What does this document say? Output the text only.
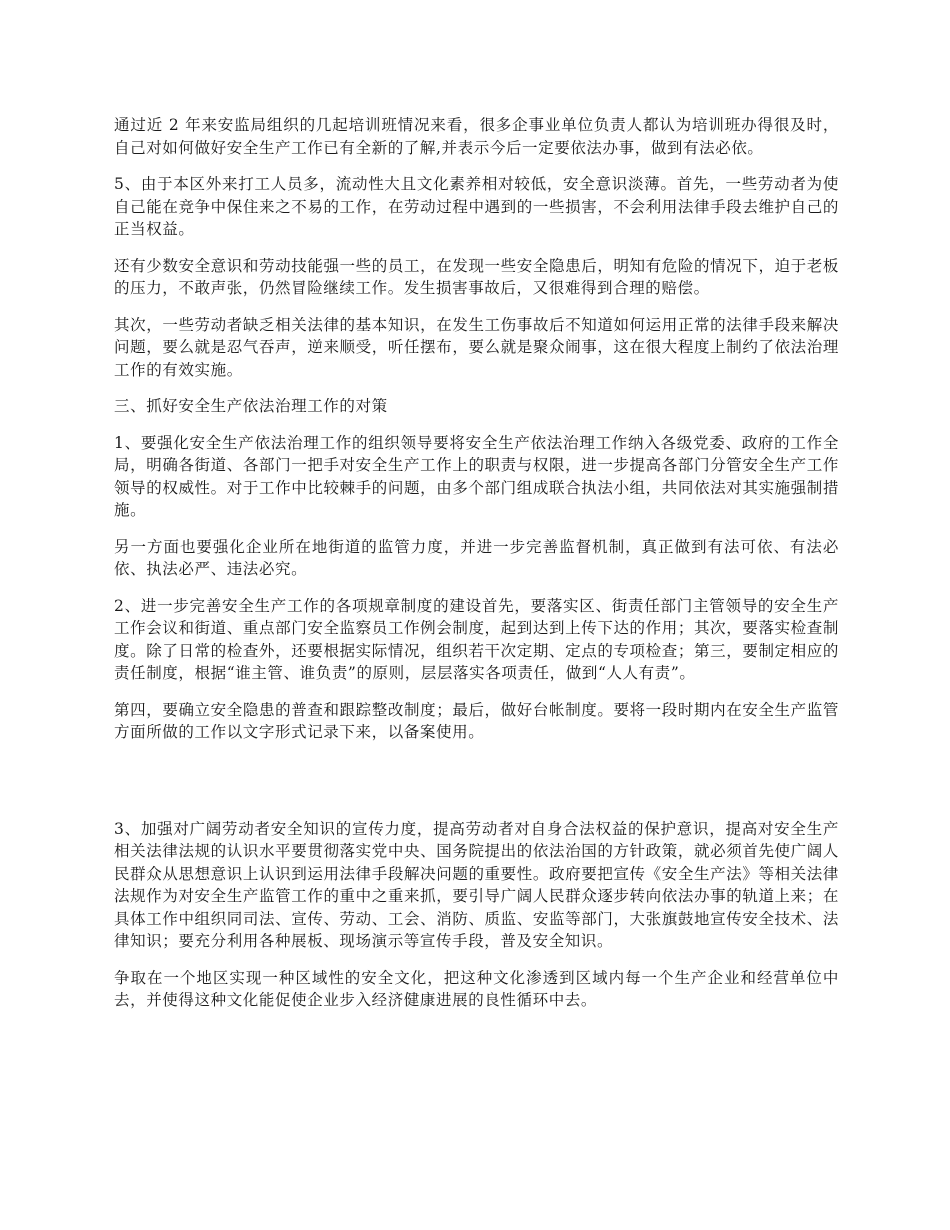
通过近 2 年来安监局组织的几起培训班情况来看，很多企事业单位负责人都认为培训班办得很及时，自己对如何做好安全生产工作已有全新的了解,并表示今后一定要依法办事，做到有法必依。

5、由于本区外来打工人员多，流动性大且文化素养相对较低，安全意识淡薄。首先，一些劳动者为使自己能在竞争中保住来之不易的工作，在劳动过程中遇到的一些损害，不会利用法律手段去维护自己的正当权益。

还有少数安全意识和劳动技能强一些的员工，在发现一些安全隐患后，明知有危险的情况下，迫于老板的压力，不敢声张，仍然冒险继续工作。发生损害事故后，又很难得到合理的赔偿。

其次，一些劳动者缺乏相关法律的基本知识，在发生工伤事故后不知道如何运用正常的法律手段来解决问题，要么就是忍气吞声，逆来顺受，听任摆布，要么就是聚众闹事，这在很大程度上制约了依法治理工作的有效实施。

三、抓好安全生产依法治理工作的对策

1、要强化安全生产依法治理工作的组织领导要将安全生产依法治理工作纳入各级党委、政府的工作全局，明确各街道、各部门一把手对安全生产工作上的职责与权限，进一步提高各部门分管安全生产工作领导的权威性。对于工作中比较棘手的问题，由多个部门组成联合执法小组，共同依法对其实施强制措施。

另一方面也要强化企业所在地街道的监管力度，并进一步完善监督机制，真正做到有法可依、有法必依、执法必严、违法必究。

2、进一步完善安全生产工作的各项规章制度的建设首先，要落实区、街责任部门主管领导的安全生产工作会议和街道、重点部门安全监察员工作例会制度，起到达到上传下达的作用；其次，要落实检查制度。除了日常的检查外，还要根据实际情况，组织若干次定期、定点的专项检查；第三，要制定相应的责任制度，根据“谁主管、谁负责”的原则，层层落实各项责任，做到“人人有责”。

第四，要确立安全隐患的普查和跟踪整改制度；最后，做好台帐制度。要将一段时期内在安全生产监管方面所做的工作以文字形式记录下来，以备案使用。

3、加强对广阔劳动者安全知识的宣传力度，提高劳动者对自身合法权益的保护意识，提高对安全生产相关法律法规的认识水平要贯彻落实党中央、国务院提出的依法治国的方针政策，就必须首先使广阔人民群众从思想意识上认识到运用法律手段解决问题的重要性。政府要把宣传《安全生产法》等相关法律法规作为对安全生产监管工作的重中之重来抓，要引导广阔人民群众逐步转向依法办事的轨道上来；在具体工作中组织同司法、宣传、劳动、工会、消防、质监、安监等部门，大张旗鼓地宣传安全技术、法律知识；要充分利用各种展板、现场演示等宣传手段，普及安全知识。

争取在一个地区实现一种区域性的安全文化，把这种文化渗透到区域内每一个生产企业和经营单位中去，并使得这种文化能促使企业步入经济健康进展的良性循环中去。
